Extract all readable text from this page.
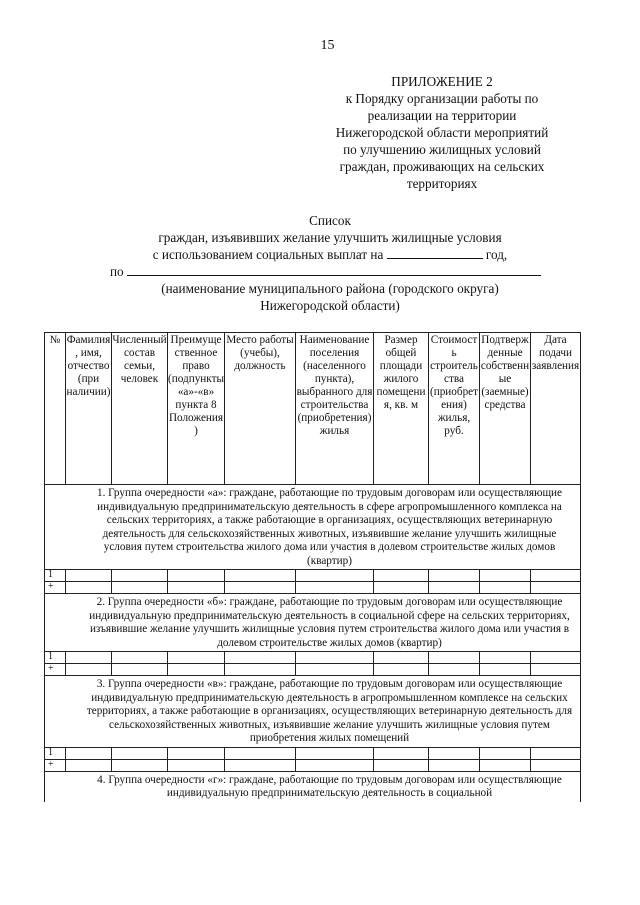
15
ПРИЛОЖЕНИЕ 2
к Порядку организации работы по
реализации на территории
Нижегородской области мероприятий
по улучшению жилищных условий
граждан, проживающих на сельских
территориях
Список
граждан, изъявивших желание улучшить жилищные условия
с использованием социальных выплат на	год,
по
(наименование муниципального района (городского округа)
Нижегородской области)
№	Фамилия, имя, отчество (при наличии)	Численный состав семьи, человек	Преимущественное право (подпункты «а»-«в» пункта 8 Положения)	Место работы (учебы), должность	Наименование поселения (населенного пункта), выбранного для строительства (приобретения) жилья	Размер общей площади жилого помещения, кв. м	Стоимость строительства (приобретения) жилья, руб.	Подтвержденные собственные (заемные) средства	Дата подачи заявления
1. Группа очередности «а»: граждане, работающие по трудовым договорам или осуществляющие индивидуальную предпринимательскую деятельность в сфере агропромышленного комплекса на сельских территориях, а также работающие в организациях, осуществляющих ветеринарную деятельность для сельскохозяйственных животных, изъявившие желание улучшить жилищные условия путем строительства жилого дома или участия в долевом строительстве жилых домов (квартир)									
1									
+									
2. Группа очередности «б»: граждане, работающие по трудовым договорам или осуществляющие индивидуальную предпринимательскую деятельность в социальной сфере на сельских территориях, изъявившие желание улучшить жилищные условия путем строительства жилого дома или участия в долевом строительстве жилых домов (квартир)									
1									
+									
3. Группа очередности «в»: граждане, работающие по трудовым договорам или осуществляющие индивидуальную предпринимательскую деятельность в агропромышленном комплексе на сельских территориях, а также работающие в организациях, осуществляющих ветеринарную деятельность для сельскохозяйственных животных, изъявившие желание улучшить жилищные условия путем приобретения жилых помещений									
1									
+									
4. Группа очередности «г»: граждане, работающие по трудовым договорам или осуществляющие индивидуальную предпринимательскую деятельность в социальной									
